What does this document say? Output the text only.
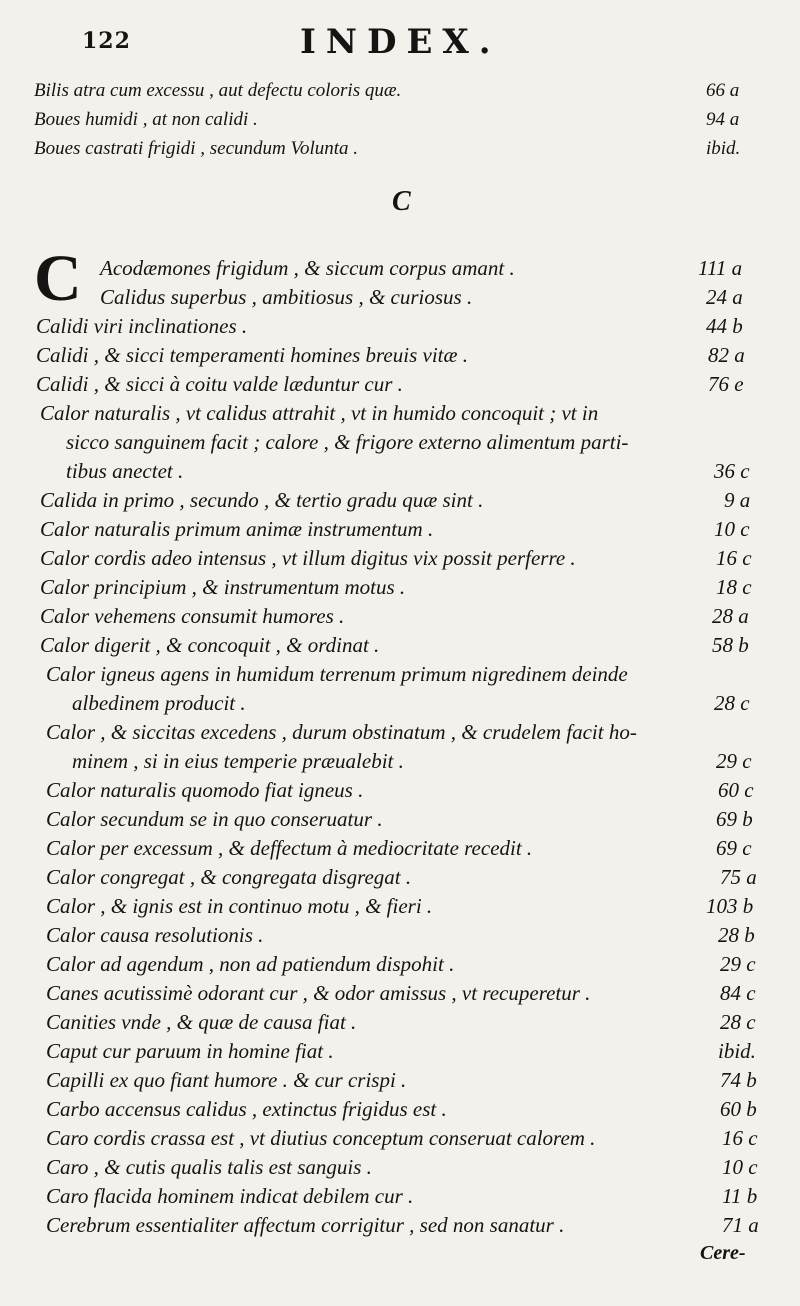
122	INDEX.
Bilis atra cum excessu , aut defectu coloris quæ.	66 a
Boues humidi , at non calidi .	94 a
Boues castrati frigidi , secundum Volunta .	ibid.
C
C Acodæmones frigidum , & siccum corpus amant .	111 a
Calidus superbus , ambitiosus , & curiosus .	24 a
Calidi viri inclinationes .	44 b
Calidi , & sicci temperamenti homines breuis vitæ .	82 a
Calidi , & sicci à coitu valde læduntur cur .	76 e
Calor naturalis , vt calidus attrahit , vt in humido concoquit ; vt in
sicco sanguinem facit ; calore , & frigore externo alimentum parti-
tibus anectet .	36 c
Calida in primo , secundo , & tertio gradu quæ sint .	9 a
Calor naturalis primum animæ instrumentum .	10 c
Calor cordis adeo intensus , vt illum digitus vix possit perferre .	16 c
Calor principium , & instrumentum motus .	18 c
Calor vehemens consumit humores .	28 a
Calor digerit , & concoquit , & ordinat .	58 b
Calor igneus agens in humidum terrenum primum nigredinem deinde
albedinem producit .	28 c
Calor , & siccitas excedens , durum obstinatum , & crudelem facit ho-
minem , si in eius temperie præualebit .	29 c
Calor naturalis quomodo fiat igneus .	60 c
Calor secundum se in quo conseruatur .	69 b
Calor per excessum , & deffectum à mediocritate recedit .	69 c
Calor congregat , & congregata disgregat .	75 a
Calor , & ignis est in continuo motu , & fieri .	103 b
Calor causa resolutionis .	28 b
Calor ad agendum , non ad patiendum dispohit .	29 c
Canes acutissimè odorant cur , & odor amissus , vt recuperetur .	84 c
Canities vnde , & quæ de causa fiat .	28 c
Caput cur paruum in homine fiat .	ibid.
Capilli ex quo fiant humore . & cur crispi .	74 b
Carbo accensus calidus , extinctus frigidus est .	60 b
Caro cordis crassa est , vt diutius conceptum conseruat calorem .	16 c
Caro , & cutis qualis talis est sanguis .	10 c
Caro flacida hominem indicat debilem cur .	11 b
Cerebrum essentialiter affectum corrigitur , sed non sanatur .	71 a
Cere-
